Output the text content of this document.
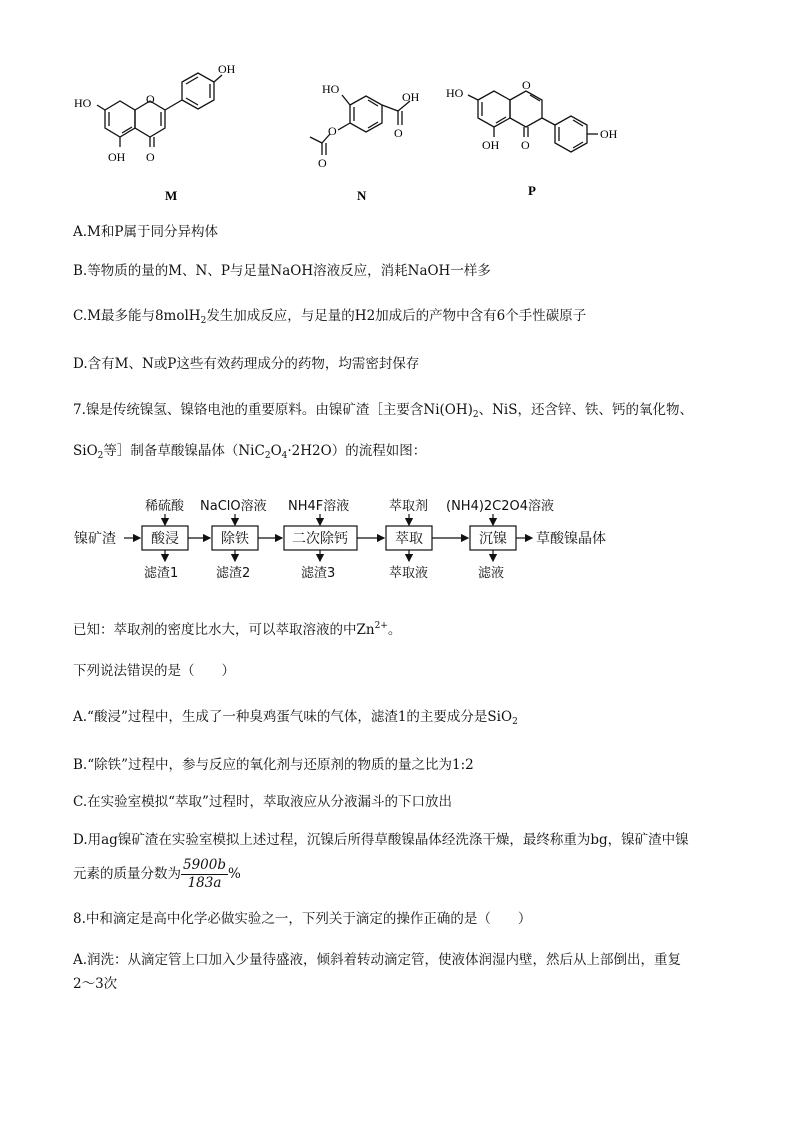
OH
HO
OH
O
O
M
HO
O
O
OH
O
N
HO
O
O
OH
OH
P
A.M和P属于同分异构体
B.等物质的量的M、N、P与足量NaOH溶液反应，消耗NaOH一样多
C.M最多能与8molH$_2$发生加成反应，与足量的H2加成后的产物中含有6个手性碳原子
D.含有M、N或P这些有效药理成分的药物，均需密封保存
7.镍是传统镍氢、镍铬电池的重要原料。由镍矿渣［主要含$Ni(OH)_2$、NiS，还含锌、铁、钙的氧化物、
SiO$_2$等］制备草酸镍晶体$(NiC_2O_4\cdot 2H2O)$的流程如图：
镍矿渣	草酸镍晶体
酸浸
稀硫酸
滤渣1
除铁
NaClO溶液
滤渣2
二次除钙
NH4F溶液
滤渣3
萃取
萃取剂
萃取液
沉镍
(NH4)2C2O4溶液
滤液
已知：萃取剂的密度比水大，可以萃取溶液的中$Zn^{2+}$。
下列说法错误的是（　　）
A.“酸浸”过程中，生成了一种臭鸡蛋气味的气体，滤渣1的主要成分是SiO$_2$
B.“除铁”过程中，参与反应的氧化剂与还原剂的物质的量之比为1:2
C.在实验室模拟“萃取”过程时，萃取液应从分液漏斗的下口放出
D.用ag镍矿渣在实验室模拟上述过程，沉镍后所得草酸镍晶体经洗涤干燥，最终称重为bg，镍矿渣中镍
元素的质量分数为 $\frac{5900b}{183a}$ %
8.中和滴定是高中化学必做实验之一，下列关于滴定的操作正确的是（　　）
A.润洗：从滴定管上口加入少量待盛液，倾斜着转动滴定管，使液体润湿内壁，然后从上部倒出，重复
2～3次
